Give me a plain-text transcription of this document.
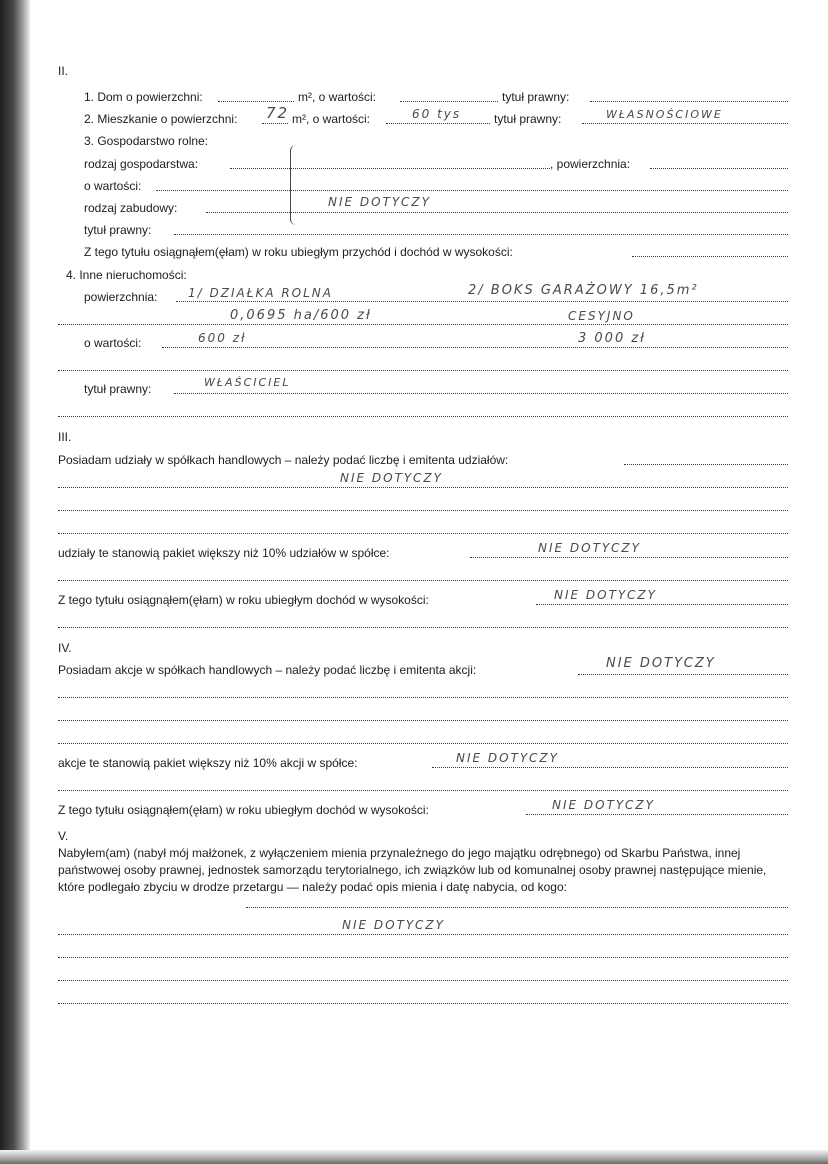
II.
1. Dom o powierzchni:	m², o wartości:	tytuł prawny:
2. Mieszkanie o powierzchni: 72 m², o wartości:	60 tys	tytuł prawny:	WŁASNOŚCIOWE
3. Gospodarstwo rolne:
rodzaj gospodarstwa:	, powierzchnia:
o wartości:
rodzaj zabudowy:	NIE DOTYCZY
tytuł prawny:
Z tego tytułu osiągnąłem(ęłam) w roku ubiegłym przychód i dochód w wysokości:
4. Inne nieruchomości:
powierzchnia:	1/ DZIAŁKA ROLNA	2/ BOKS GARAŻOWY 16,5m²
0,0695 ha/600 zł	CESYJNO
o wartości:	600 zł	3 000 zł
tytuł prawny:	WŁAŚCICIEL
III.
Posiadam udziały w spółkach handlowych – należy podać liczbę i emitenta udziałów:
NIE DOTYCZY
udziały te stanowią pakiet większy niż 10% udziałów w spółce:	NIE DOTYCZY
Z tego tytułu osiągnąłem(ęłam) w roku ubiegłym dochód w wysokości:	NIE DOTYCZY
IV.
Posiadam akcje w spółkach handlowych – należy podać liczbę i emitenta akcji:	NIE DOTYCZY
akcje te stanowią pakiet większy niż 10% akcji w spółce:	NIE DOTYCZY
Z tego tytułu osiągnąłem(ęłam) w roku ubiegłym dochód w wysokości:	NIE DOTYCZY
V.
Nabyłem(am) (nabył mój małżonek, z wyłączeniem mienia przynależnego do jego majątku odrębnego) od Skarbu Państwa, innej państwowej osoby prawnej, jednostek samorządu terytorialnego, ich związków lub od komunalnej osoby prawnej następujące mienie, które podlegało zbyciu w drodze przetargu — należy podać opis mienia i datę nabycia, od kogo:
NIE DOTYCZY
